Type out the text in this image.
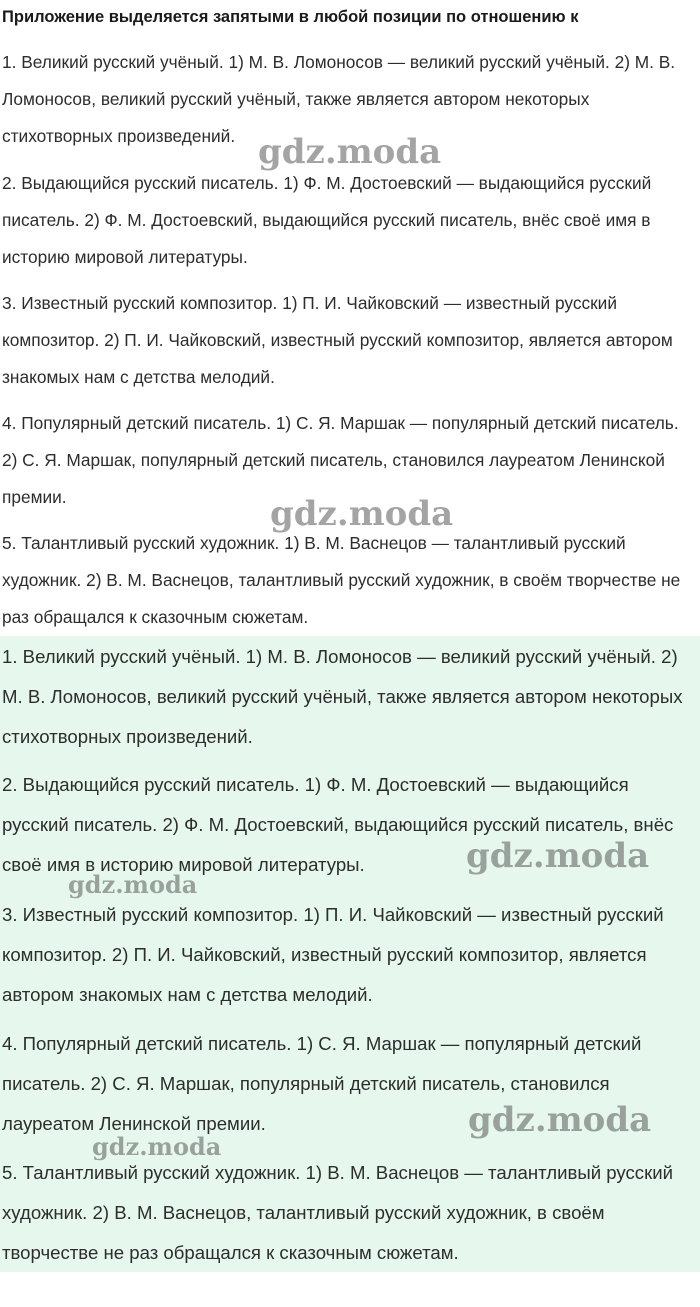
Приложение выделяется запятыми в любой позиции по отношению к

1. Великий русский учёный. 1) М. В. Ломоносов — великий русский учёный. 2) М. В. Ломоносов, великий русский учёный, также является автором некоторых стихотворных произведений.

2. Выдающийся русский писатель. 1) Ф. М. Достоевский — выдающийся русский писатель. 2) Ф. М. Достоевский, выдающийся русский писатель, внёс своё имя в историю мировой литературы.

3. Известный русский композитор. 1) П. И. Чайковский — известный русский композитор. 2) П. И. Чайковский, известный русский композитор, является автором знакомых нам с детства мелодий.

4. Популярный детский писатель. 1) С. Я. Маршак — популярный детский писатель. 2) С. Я. Маршак, популярный детский писатель, становился лауреатом Ленинской премии.

5. Талантливый русский художник. 1) В. М. Васнецов — талантливый русский художник. 2) В. М. Васнецов, талантливый русский художник, в своём творчестве не раз обращался к сказочным сюжетам.

1. Великий русский учёный. 1) М. В. Ломоносов — великий русский учёный. 2) М. В. Ломоносов, великий русский учёный, также является автором некоторых стихотворных произведений.

2. Выдающийся русский писатель. 1) Ф. М. Достоевский — выдающийся русский писатель. 2) Ф. М. Достоевский, выдающийся русский писатель, внёс своё имя в историю мировой литературы.

3. Известный русский композитор. 1) П. И. Чайковский — известный русский композитор. 2) П. И. Чайковский, известный русский композитор, является автором знакомых нам с детства мелодий.

4. Популярный детский писатель. 1) С. Я. Маршак — популярный детский писатель. 2) С. Я. Маршак, популярный детский писатель, становился лауреатом Ленинской премии.

5. Талантливый русский художник. 1) В. М. Васнецов — талантливый русский художник. 2) В. М. Васнецов, талантливый русский художник, в своём творчестве не раз обращался к сказочным сюжетам.

gdz.moda
gdz.moda
gdz.moda
gdz.moda
gdz.moda
gdz.moda
